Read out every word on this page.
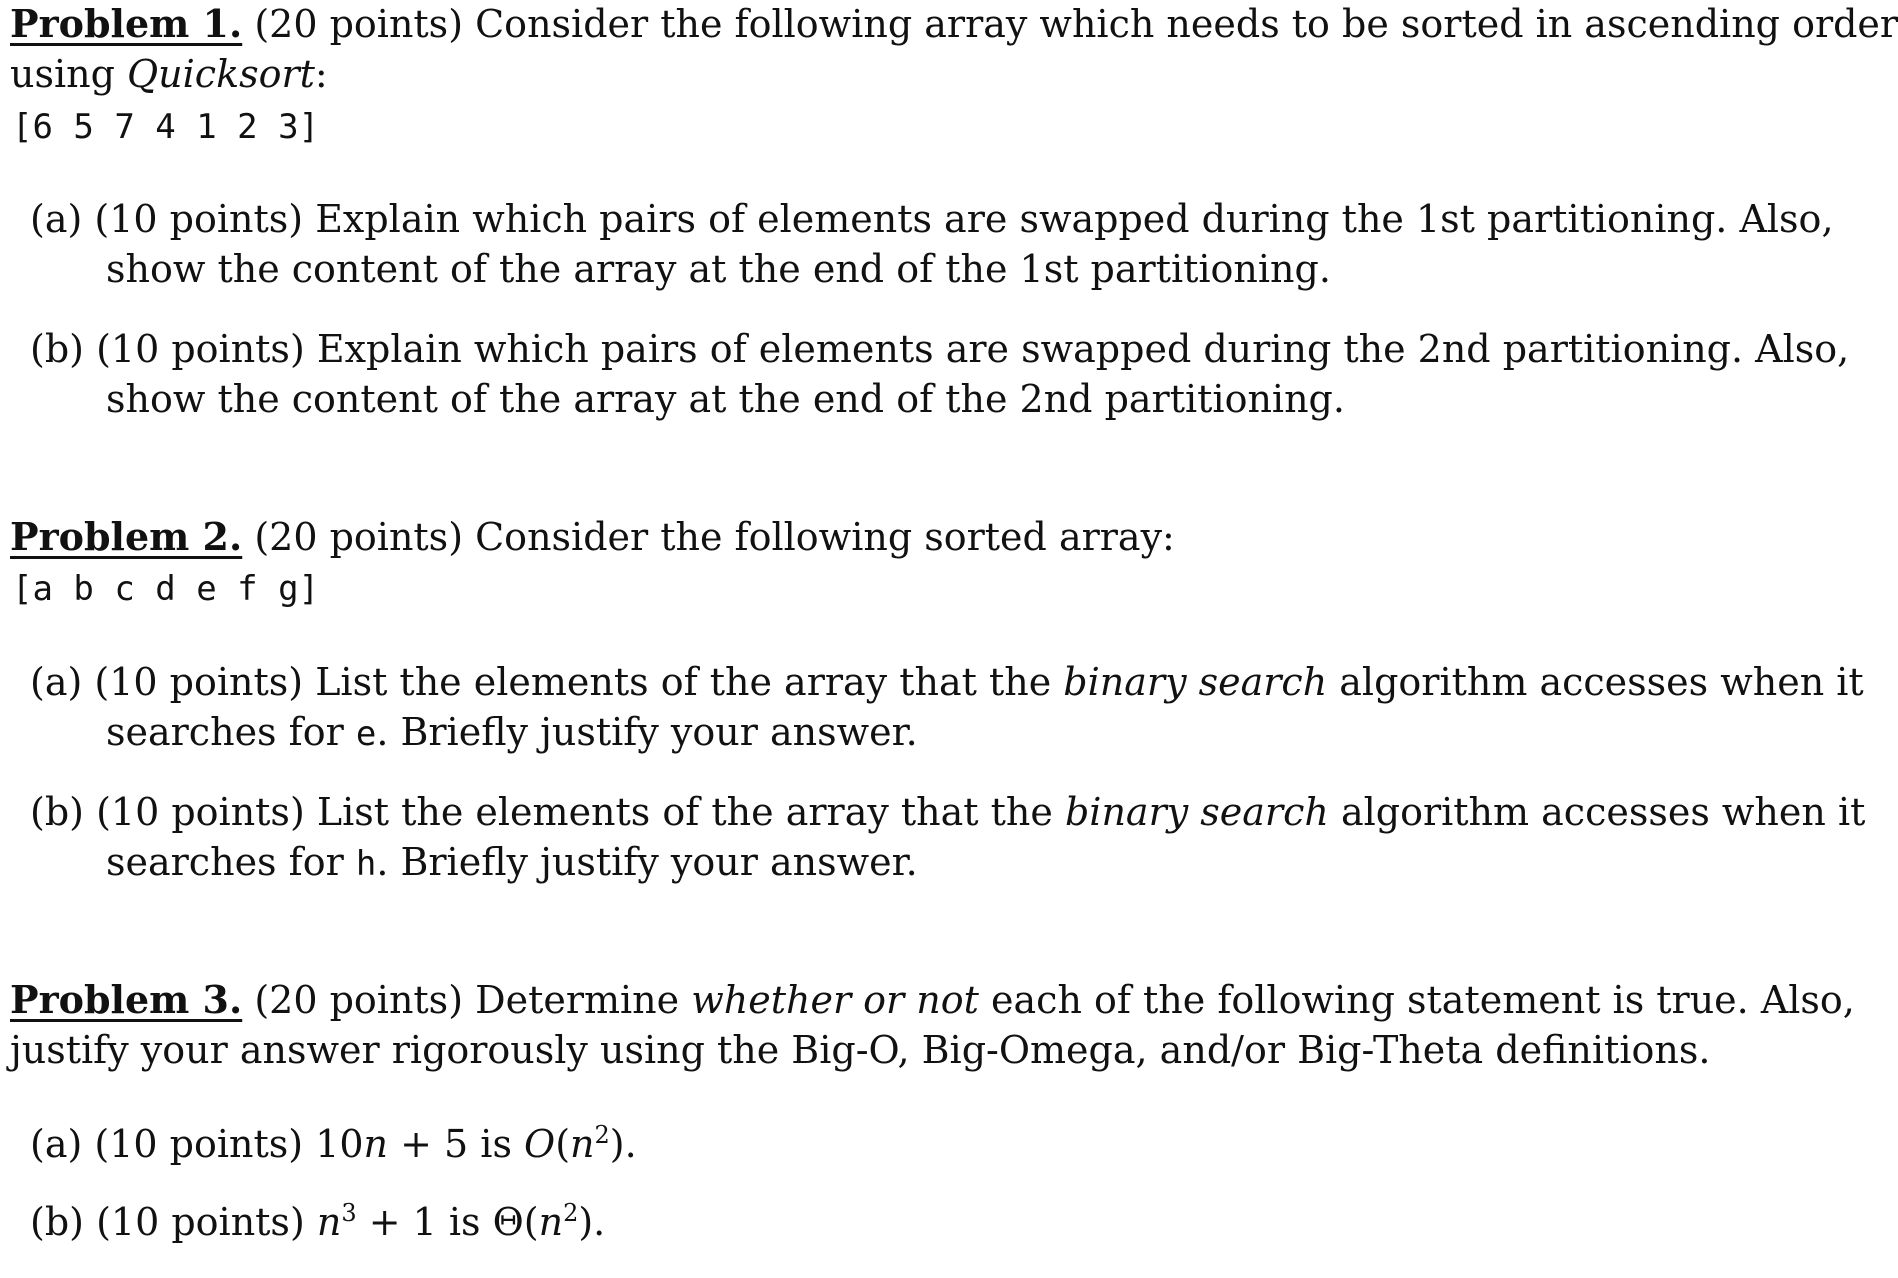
Problem 1. (20 points) Consider the following array which needs to be sorted in ascending order
using Quicksort:
[6 5 7 4 1 2 3]
(a) (10 points) Explain which pairs of elements are swapped during the 1st partitioning. Also,
show the content of the array at the end of the 1st partitioning.
(b) (10 points) Explain which pairs of elements are swapped during the 2nd partitioning. Also,
show the content of the array at the end of the 2nd partitioning.
Problem 2. (20 points) Consider the following sorted array:
[a b c d e f g]
(a) (10 points) List the elements of the array that the binary search algorithm accesses when it
searches for e. Briefly justify your answer.
(b) (10 points) List the elements of the array that the binary search algorithm accesses when it
searches for h. Briefly justify your answer.
Problem 3. (20 points) Determine whether or not each of the following statement is true. Also,
justify your answer rigorously using the Big-O, Big-Omega, and/or Big-Theta definitions.
(a) (10 points) 10n + 5 is $O(n^2)$.
(b) (10 points) $n^3 + 1$ is $\Theta(n^2)$.
